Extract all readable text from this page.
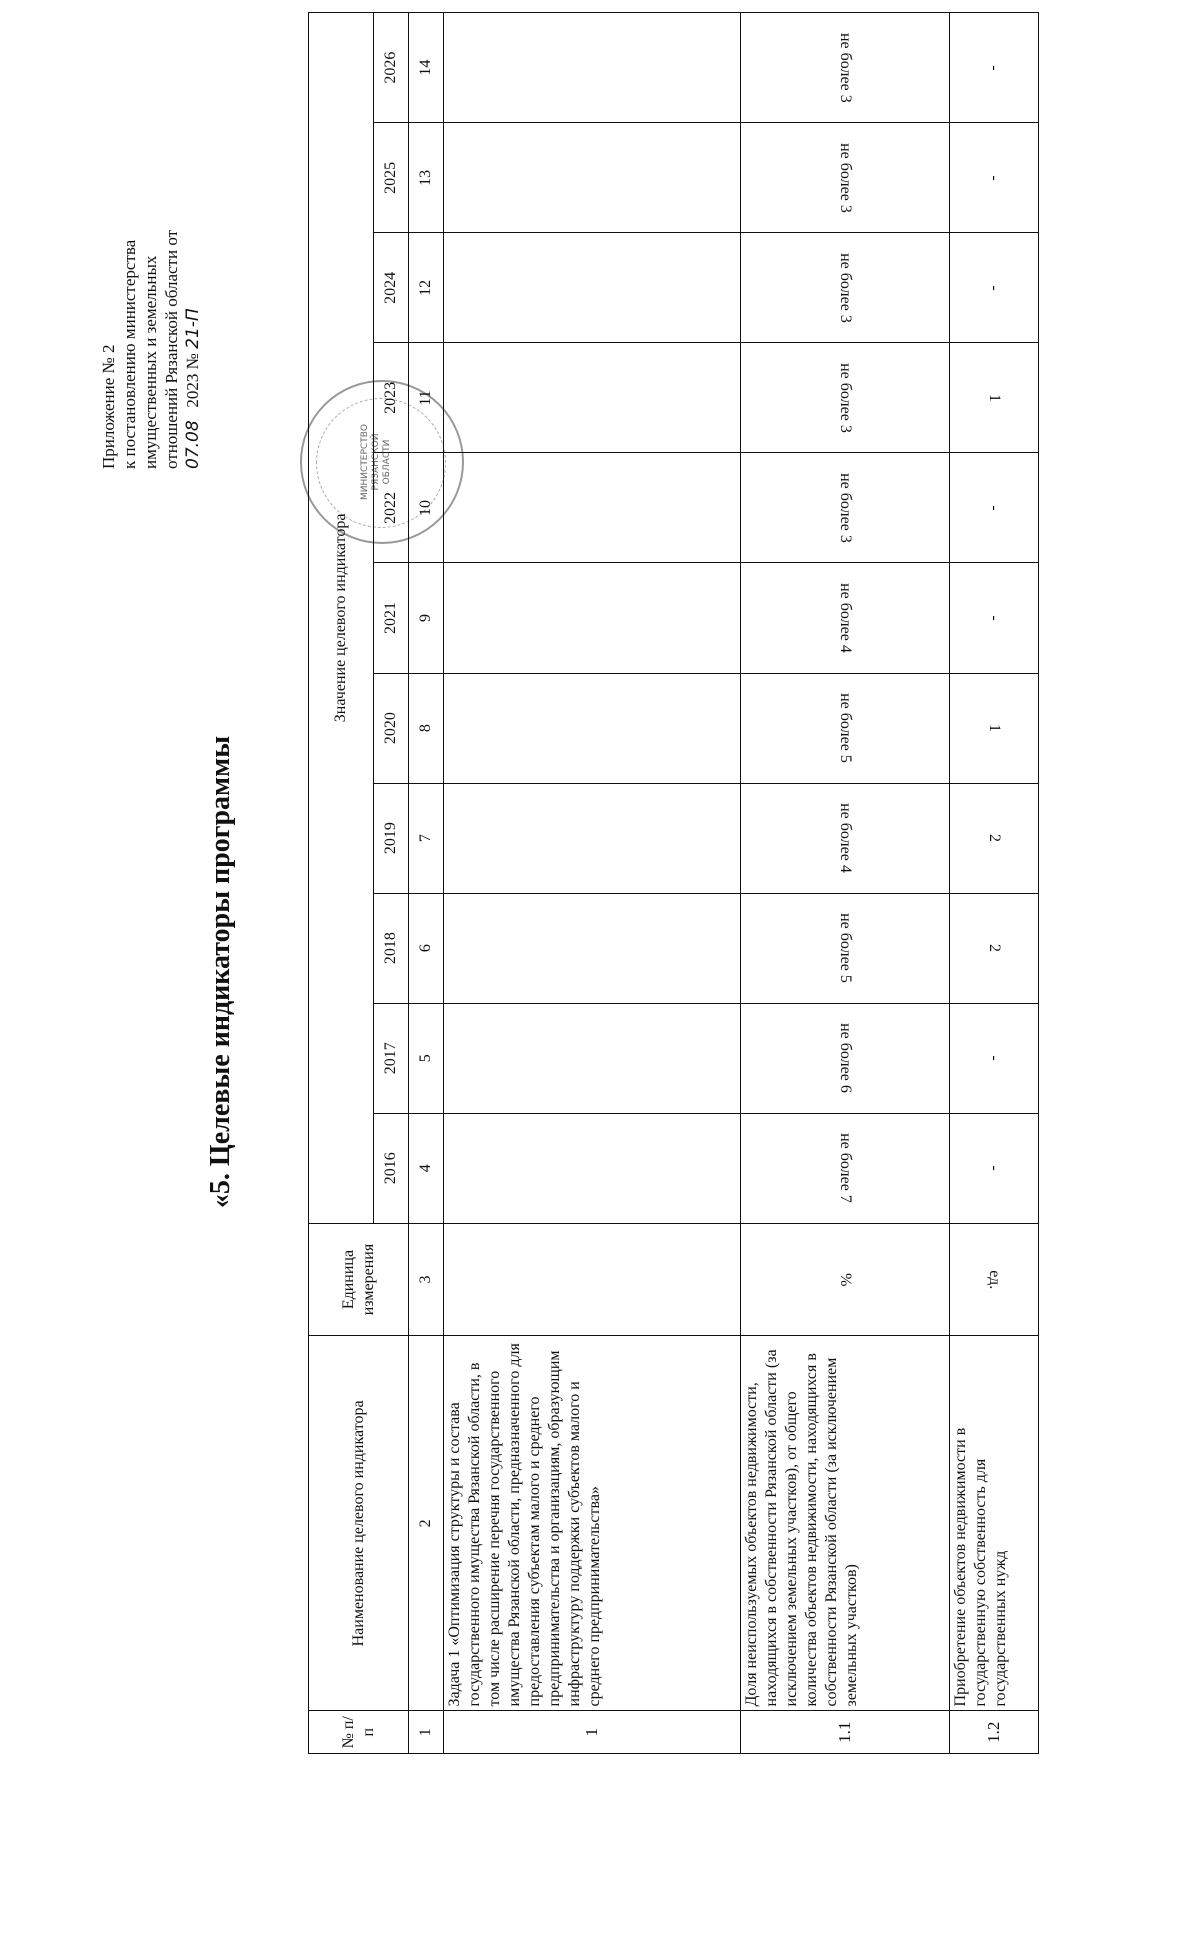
Приложение № 2 к постановлению министерства имущественных и земельных отношений Рязанской области от 07.08   2023 № 21-П
МИНИСТЕРСТВО РЯЗАНСКОЙ ОБЛАСТИ
«5. Целевые индикаторы программы
№ п/п	Наименование целевого индикатора	Единица измерения	Значение целевого индикатора										
			2016	2017	2018	2019	2020	2021	2022	2023	2024	2025	2026
1	2	3	4	5	6	7	8	9	10	11	12	13	14
1	Задача 1 «Оптимизация структуры и состава государственного имущества Рязанской области, в том числе расширение перечня государственного имущества Рязанской области, предназначенного для предоставления субъектам малого и среднего предпринимательства и организациям, образующим инфраструктуру поддержки субъектов малого и среднего предпринимательства»												
1.1	Доля неиспользуемых объектов недвижимости, находящихся в собственности Рязанской области (за исключением земельных участков), от общего количества объектов недвижимости, находящихся в собственности Рязанской области (за исключением земельных участков)	%	не более 7	не более 6	не более 5	не более 4	не более 5	не более 4	не более 3	не более 3	не более 3	не более 3	не более 3
1.2	Приобретение объектов недвижимости в государственную собственность для государственных нужд	ед.	-	-	2	2	1	-	-	1	-	-	-
